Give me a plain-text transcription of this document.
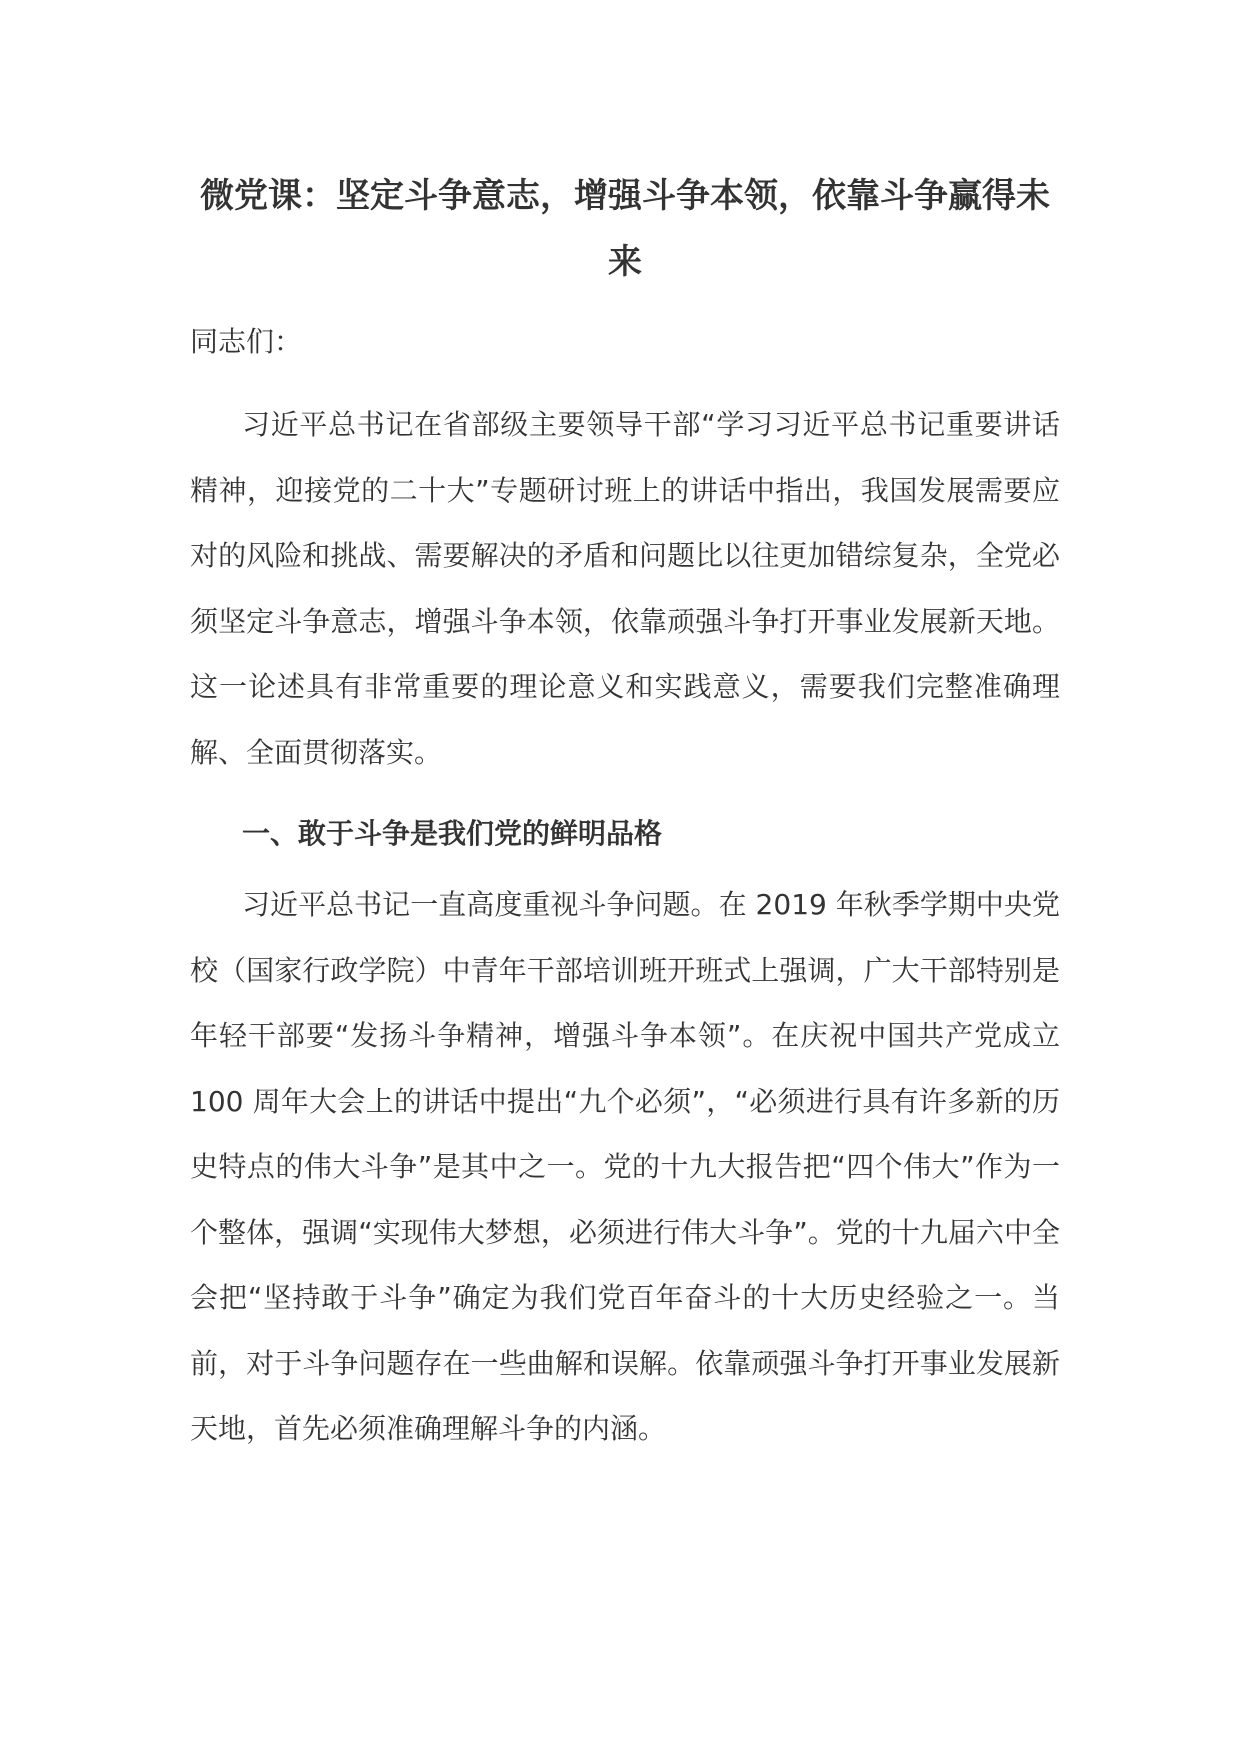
微党课：坚定斗争意志，增强斗争本领，依靠斗争赢得未来

同志们：

习近平总书记在省部级主要领导干部“学习习近平总书记重要讲话精神，迎接党的二十大”专题研讨班上的讲话中指出，我国发展需要应对的风险和挑战、需要解决的矛盾和问题比以往更加错综复杂，全党必须坚定斗争意志，增强斗争本领，依靠顽强斗争打开事业发展新天地。这一论述具有非常重要的理论意义和实践意义，需要我们完整准确理解、全面贯彻落实。

一、敢于斗争是我们党的鲜明品格

习近平总书记一直高度重视斗争问题。在 2019 年秋季学期中央党校（国家行政学院）中青年干部培训班开班式上强调，广大干部特别是年轻干部要“发扬斗争精神，增强斗争本领”。在庆祝中国共产党成立 100 周年大会上的讲话中提出“九个必须”，“必须进行具有许多新的历史特点的伟大斗争”是其中之一。党的十九大报告把“四个伟大”作为一个整体，强调“实现伟大梦想，必须进行伟大斗争”。党的十九届六中全会把“坚持敢于斗争”确定为我们党百年奋斗的十大历史经验之一。当前，对于斗争问题存在一些曲解和误解。依靠顽强斗争打开事业发展新天地，首先必须准确理解斗争的内涵。
